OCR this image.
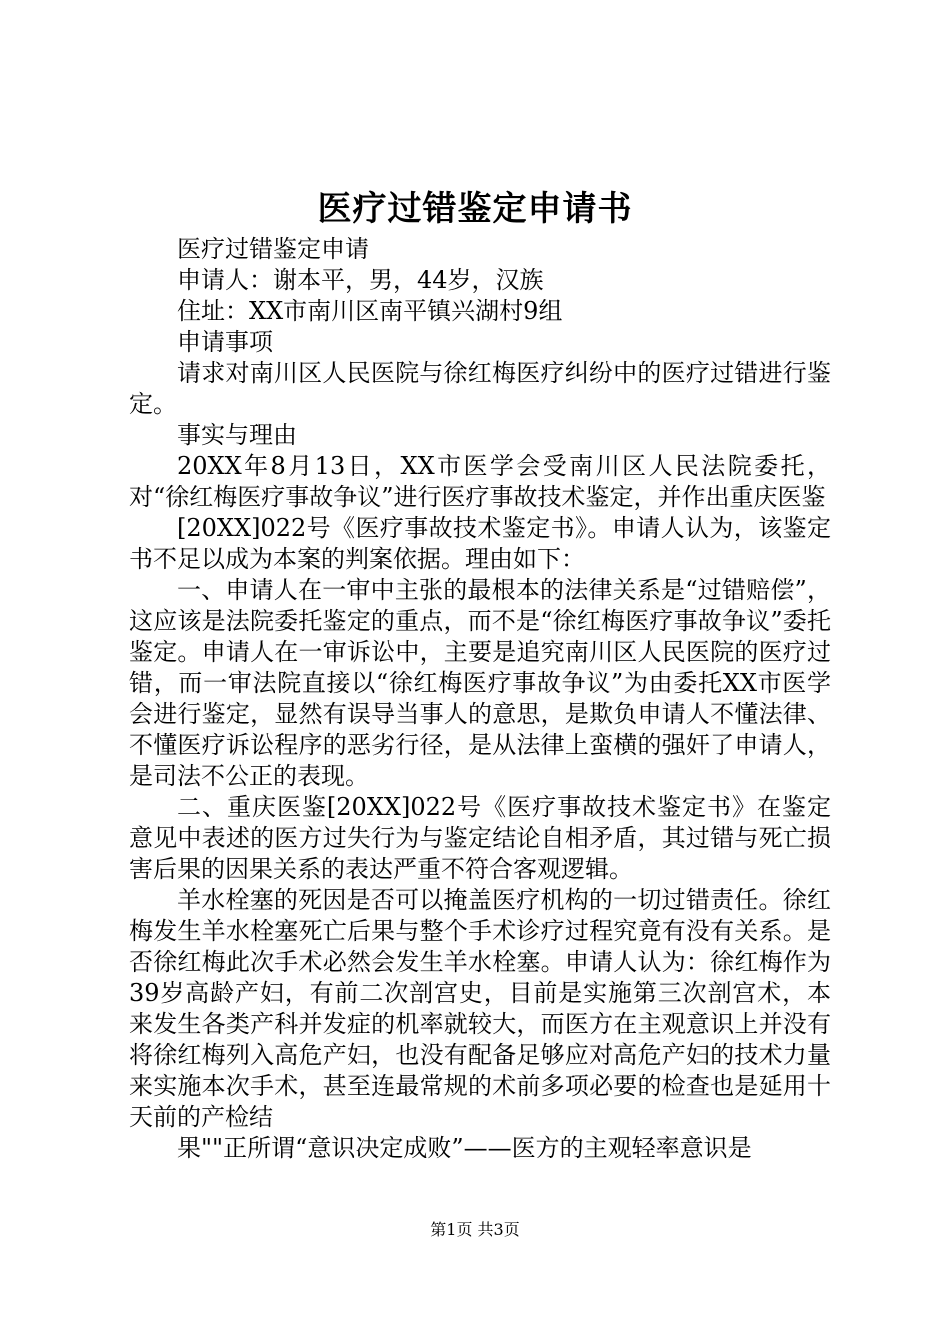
医疗过错鉴定申请书

医疗过错鉴定申请

申请人：谢本平，男，44岁，汉族

住址：XX市南川区南平镇兴湖村9组

申请事项

请求对南川区人民医院与徐红梅医疗纠纷中的医疗过错进行鉴定。

事实与理由

20XX年8月13日，XX市医学会受南川区人民法院委托，对“徐红梅医疗事故争议”进行医疗事故技术鉴定，并作出重庆医鉴

[20XX]022号《医疗事故技术鉴定书》。申请人认为，该鉴定书不足以成为本案的判案依据。理由如下：

一、申请人在一审中主张的最根本的法律关系是“过错赔偿”，这应该是法院委托鉴定的重点，而不是“徐红梅医疗事故争议”委托鉴定。申请人在一审诉讼中，主要是追究南川区人民医院的医疗过错，而一审法院直接以“徐红梅医疗事故争议”为由委托XX市医学会进行鉴定，显然有误导当事人的意思，是欺负申请人不懂法律、不懂医疗诉讼程序的恶劣行径，是从法律上蛮横的强奸了申请人，是司法不公正的表现。

二、重庆医鉴[20XX]022号《医疗事故技术鉴定书》在鉴定意见中表述的医方过失行为与鉴定结论自相矛盾，其过错与死亡损害后果的因果关系的表达严重不符合客观逻辑。

羊水栓塞的死因是否可以掩盖医疗机构的一切过错责任。徐红梅发生羊水栓塞死亡后果与整个手术诊疗过程究竟有没有关系。是否徐红梅此次手术必然会发生羊水栓塞。申请人认为：徐红梅作为39岁高龄产妇，有前二次剖宫史，目前是实施第三次剖宫术，本来发生各类产科并发症的机率就较大，而医方在主观意识上并没有将徐红梅列入高危产妇，也没有配备足够应对高危产妇的技术力量来实施本次手术，甚至连最常规的术前多项必要的检查也是延用十天前的产检结

果""正所谓“意识决定成败”——医方的主观轻率意识是

第1页 共3页
